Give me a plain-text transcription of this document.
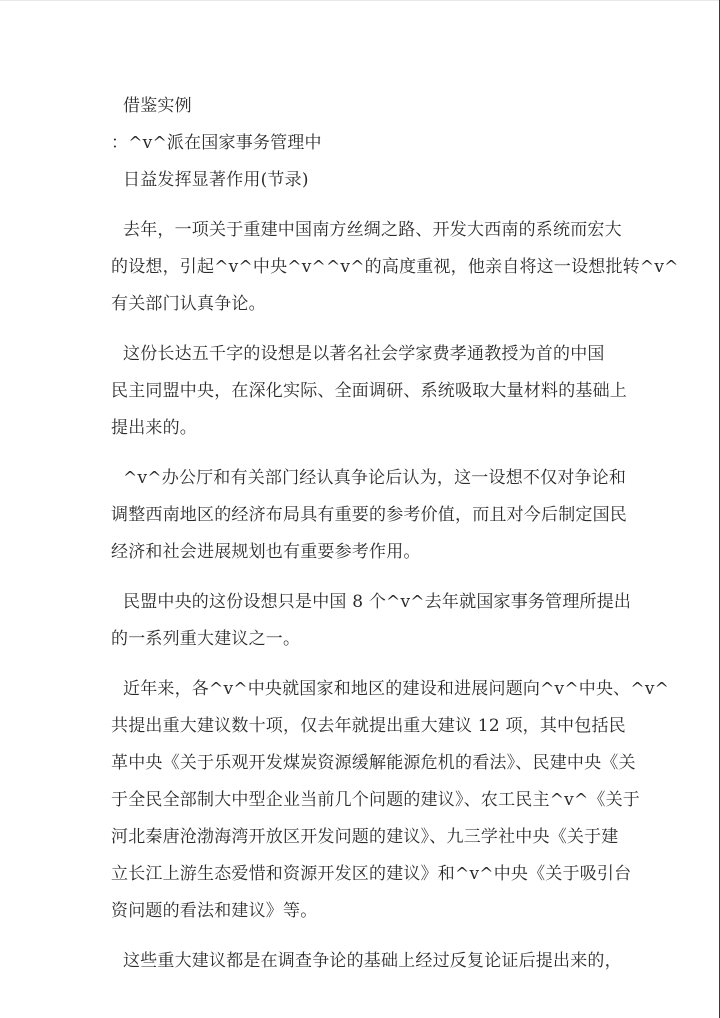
借鉴实例
：^v^派在国家事务管理中
日益发挥显著作用(节录)
去年，一项关于重建中国南方丝绸之路、开发大西南的系统而宏大
的设想，引起^v^中央^v^^v^的高度重视，他亲自将这一设想批转^v^
有关部门认真争论。
这份长达五千字的设想是以著名社会学家费孝通教授为首的中国
民主同盟中央，在深化实际、全面调研、系统吸取大量材料的基础上
提出来的。
^v^办公厅和有关部门经认真争论后认为，这一设想不仅对争论和
调整西南地区的经济布局具有重要的参考价值，而且对今后制定国民
经济和社会进展规划也有重要参考作用。
民盟中央的这份设想只是中国 8 个^v^去年就国家事务管理所提出
的一系列重大建议之一。
近年来，各^v^中央就国家和地区的建设和进展问题向^v^中央、^v^
共提出重大建议数十项，仅去年就提出重大建议 12 项，其中包括民
革中央《关于乐观开发煤炭资源缓解能源危机的看法》、民建中央《关
于全民全部制大中型企业当前几个问题的建议》、农工民主^v^《关于
河北秦唐沧渤海湾开放区开发问题的建议》、九三学社中央《关于建
立长江上游生态爱惜和资源开发区的建议》和^v^中央《关于吸引台
资问题的看法和建议》等。
这些重大建议都是在调查争论的基础上经过反复论证后提出来的，
